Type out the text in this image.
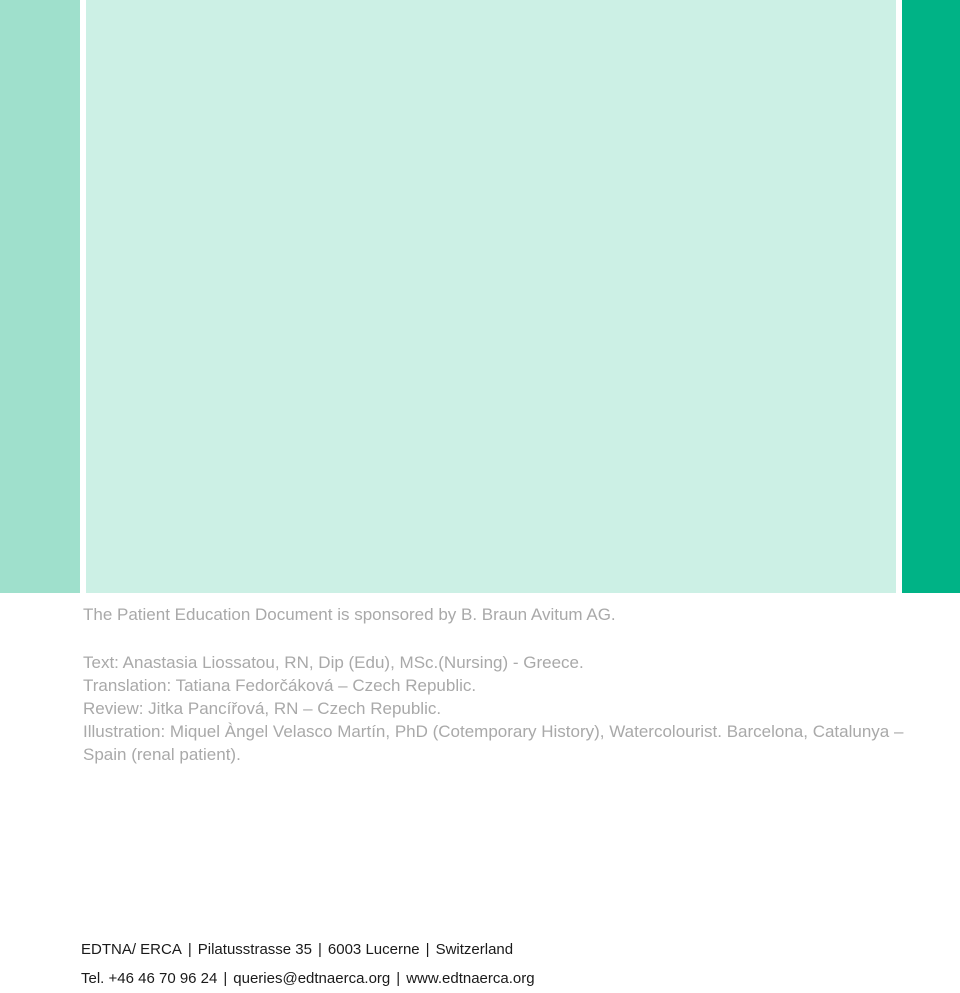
The Patient Education Document is sponsored by B. Braun Avitum AG.
Text: Anastasia Liossatou, RN, Dip (Edu), MSc.(Nursing) - Greece.
Translation: Tatiana Fedorčáková – Czech Republic.
Review: Jitka Pancířová, RN – Czech Republic.
Illustration: Miquel Àngel Velasco Martín, PhD (Cotemporary History), Watercolourist. Barcelona, Catalunya – Spain (renal patient).
EDTNA/ ERCA | Pilatusstrasse 35 | 6003 Lucerne | Switzerland
Tel. +46 46 70 96 24 | queries@edtnaerca.org | www.edtnaerca.org
